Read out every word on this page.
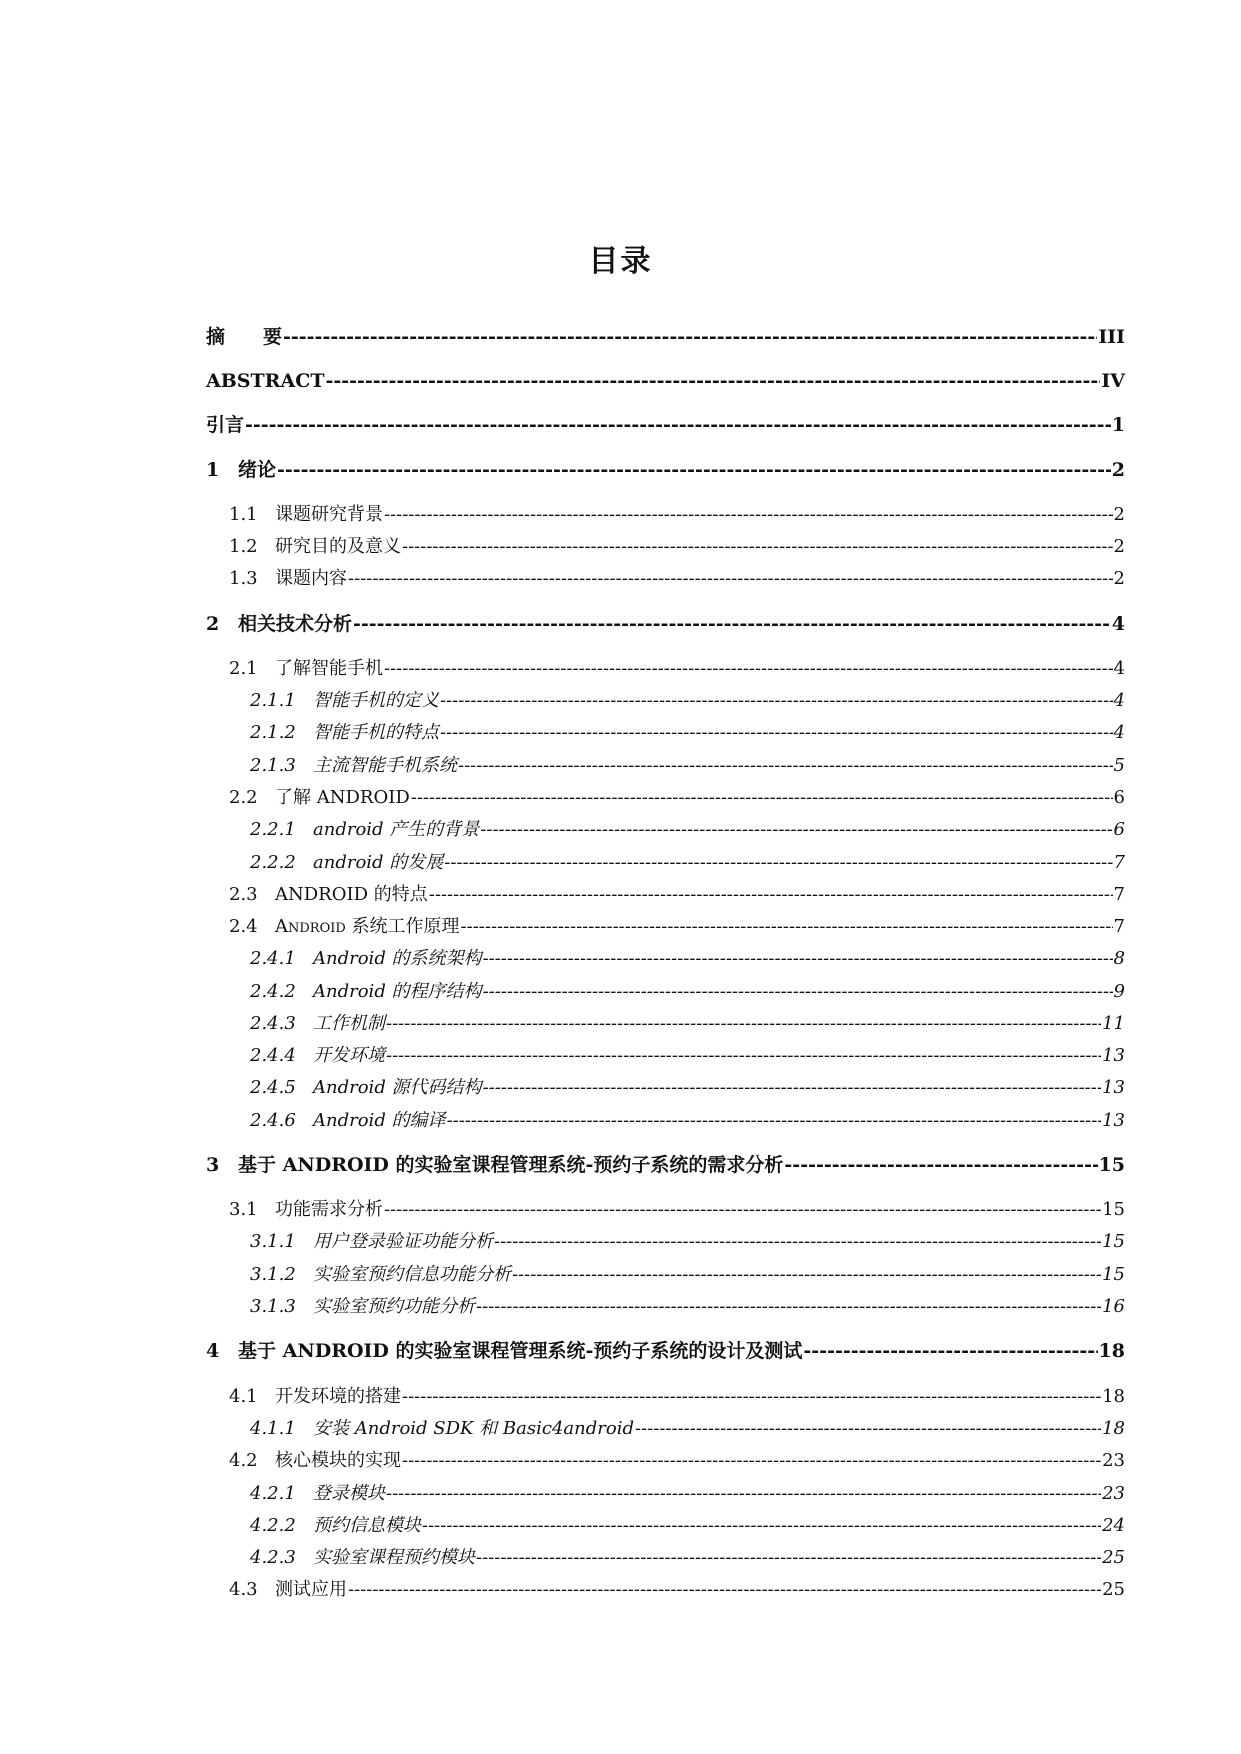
目录
摘　　要 -----	III
ABSTRACT -----	IV
引言 -----	1
1 绪论 -----	2
1.1 课题研究背景 -----	2
1.2 研究目的及意义 -----	2
1.3 课题内容 -----	2
2 相关技术分析 -----	4
2.1 了解智能手机 -----	4
2.1.1 智能手机的定义 -----	4
2.1.2 智能手机的特点 -----	4
2.1.3 主流智能手机系统 -----	5
2.2 了解 ANDROID -----	6
2.2.1 android 产生的背景 -----	6
2.2.2 android 的发展 -----	7
2.3 ANDROID 的特点 -----	7
2.4 Android 系统工作原理 -----	7
2.4.1 Android 的系统架构 -----	8
2.4.2 Android 的程序结构 -----	9
2.4.3 工作机制 -----	11
2.4.4 开发环境 -----	13
2.4.5 Android 源代码结构 -----	13
2.4.6 Android 的编译 -----	13
3 基于 ANDROID 的实验室课程管理系统-预约子系统的需求分析 -----	15
3.1 功能需求分析 -----	15
3.1.1 用户登录验证功能分析 -----	15
3.1.2 实验室预约信息功能分析 -----	15
3.1.3 实验室预约功能分析 -----	16
4 基于 ANDROID 的实验室课程管理系统-预约子系统的设计及测试 -----	18
4.1 开发环境的搭建 -----	18
4.1.1 安装 Android SDK 和 Basic4android -----	18
4.2 核心模块的实现 -----	23
4.2.1 登录模块 -----	23
4.2.2 预约信息模块 -----	24
4.2.3 实验室课程预约模块 -----	25
4.3 测试应用 -----	25
